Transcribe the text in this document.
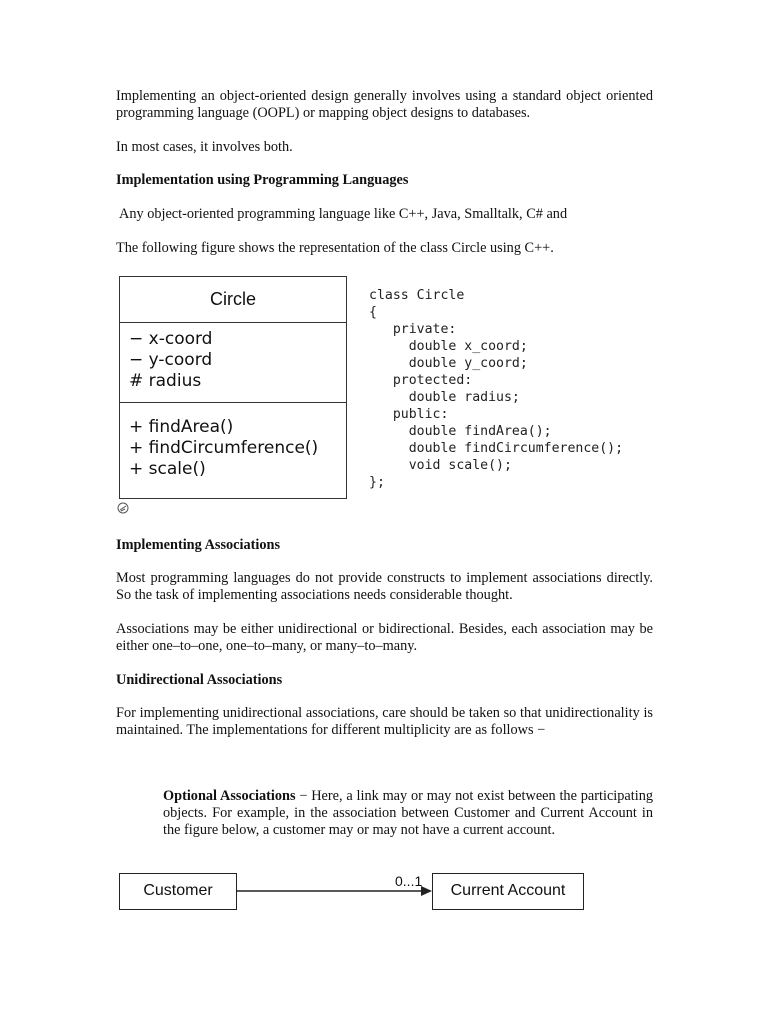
Implementing an object-oriented design generally involves using a standard object oriented programming language (OOPL) or mapping object designs to databases.

In most cases, it involves both.

Implementation using Programming Languages

Any object-oriented programming language like C++, Java, Smalltalk, C# and

The following figure shows the representation of the class Circle using C++.

Circle
− x-coord
− y-coord
# radius
+ findArea()
+ findCircumference()
+ scale()
class Circle
{
private:
double x_coord;
double y_coord;
protected:
double radius;
public:
double findArea();
double findCircumference();
void scale();
};

Implementing Associations

Most programming languages do not provide constructs to implement associations directly. So the task of implementing associations needs considerable thought.

Associations may be either unidirectional or bidirectional. Besides, each association may be either one–to–one, one–to–many, or many–to–many.

Unidirectional Associations

For implementing unidirectional associations, care should be taken so that unidirectionality is maintained. The implementations for different multiplicity are as follows −

Optional Associations − Here, a link may or may not exist between the participating objects. For example, in the association between Customer and Current Account in the figure below, a customer may or may not have a current account.

Customer	Current Account
0...1
